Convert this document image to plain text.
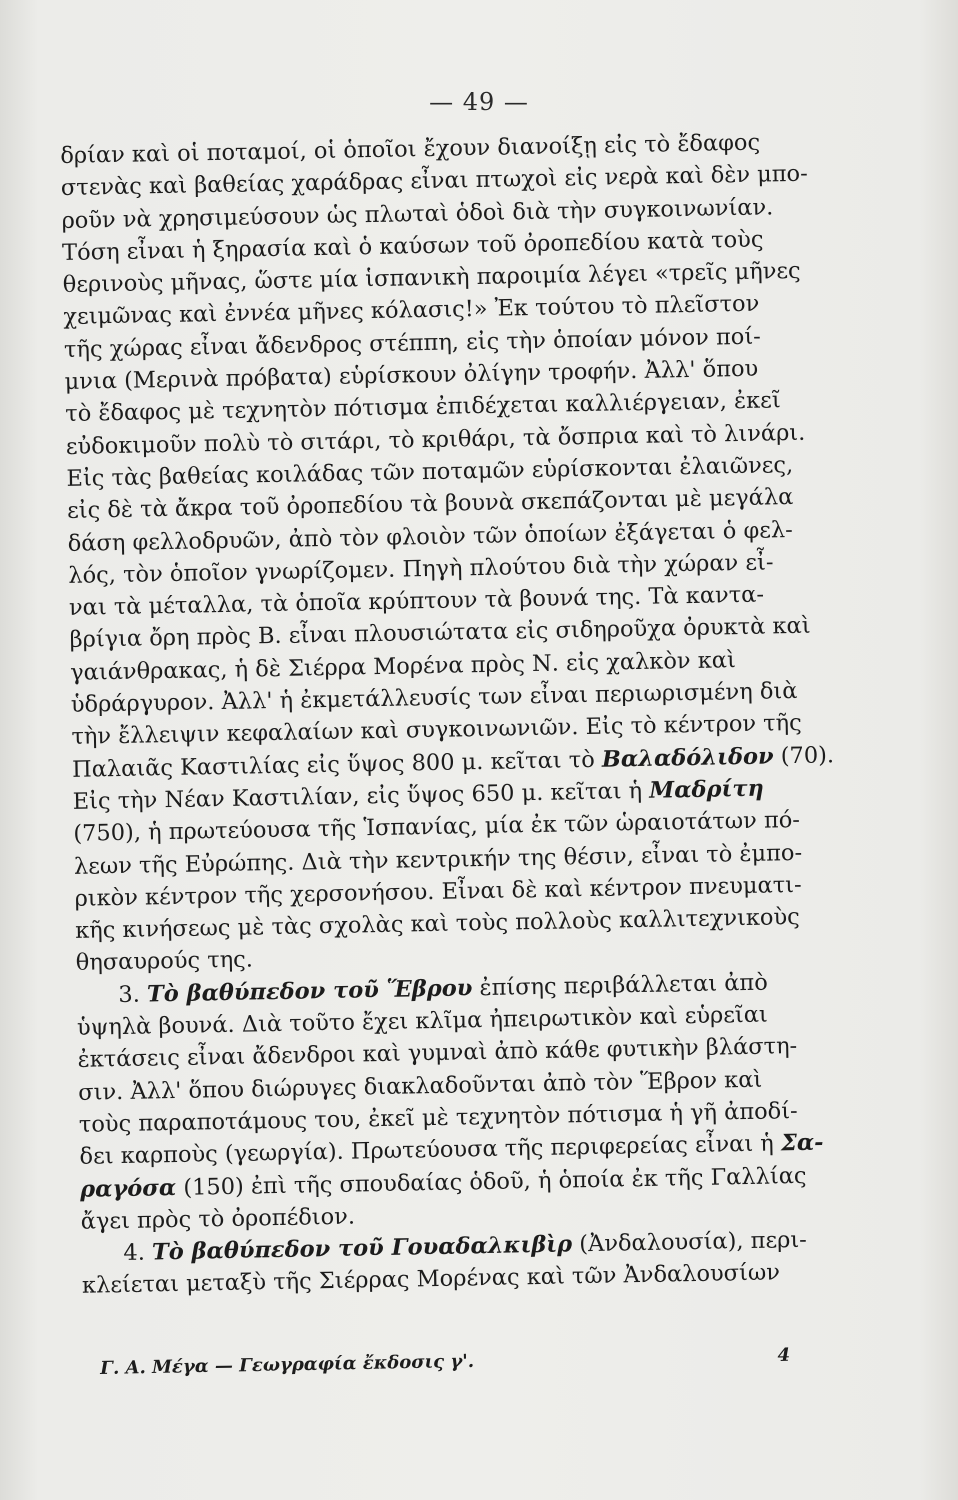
— 49 —
δρίαν καὶ οἱ ποταμοί, οἱ ὁποῖοι ἔχουν διανοίξῃ εἰς τὸ ἔδαφος
στενὰς καὶ βαθείας χαράδρας εἶναι πτωχοὶ εἰς νερὰ καὶ δὲν μπο-
ροῦν νὰ χρησιμεύσουν ὡς πλωταὶ ὁδοὶ διὰ τὴν συγκοινωνίαν.
Τόση εἶναι ἡ ξηρασία καὶ ὁ καύσων τοῦ ὀροπεδίου κατὰ τοὺς
θερινοὺς μῆνας, ὥστε μία ἱσπανικὴ παροιμία λέγει «τρεῖς μῆνες
χειμῶνας καὶ ἐννέα μῆνες κόλασις!» Ἐκ τούτου τὸ πλεῖστον
τῆς χώρας εἶναι ἄδενδρος στέππη, εἰς τὴν ὁποίαν μόνον ποί-
μνια (Μερινὰ πρόβατα) εὑρίσκουν ὀλίγην τροφήν. Ἀλλ' ὅπου
τὸ ἔδαφος μὲ τεχνητὸν πότισμα ἐπιδέχεται καλλιέργειαν, ἐκεῖ
εὐδοκιμοῦν πολὺ τὸ σιτάρι, τὸ κριθάρι, τὰ ὄσπρια καὶ τὸ λινάρι.
Εἰς τὰς βαθείας κοιλάδας τῶν ποταμῶν εὑρίσκονται ἐλαιῶνες,
εἰς δὲ τὰ ἄκρα τοῦ ὀροπεδίου τὰ βουνὰ σκεπάζονται μὲ μεγάλα
δάση φελλοδρυῶν, ἀπὸ τὸν φλοιὸν τῶν ὁποίων ἐξάγεται ὁ φελ-
λός, τὸν ὁποῖον γνωρίζομεν. Πηγὴ πλούτου διὰ τὴν χώραν εἶ-
ναι τὰ μέταλλα, τὰ ὁποῖα κρύπτουν τὰ βουνά της. Τὰ καντα-
βρίγια ὄρη πρὸς Β. εἶναι πλουσιώτατα εἰς σιδηροῦχα ὀρυκτὰ καὶ
γαιάνθρακας, ἡ δὲ Σιέρρα Μορένα πρὸς Ν. εἰς χαλκὸν καὶ
ὑδράργυρον. Ἀλλ' ἡ ἐκμετάλλευσίς των εἶναι περιωρισμένη διὰ
τὴν ἔλλειψιν κεφαλαίων καὶ συγκοινωνιῶν. Εἰς τὸ κέντρον τῆς
Παλαιᾶς Καστιλίας εἰς ὕψος 800 μ. κεῖται τὸ Βαλαδόλιδον (70).
Εἰς τὴν Νέαν Καστιλίαν, εἰς ὕψος 650 μ. κεῖται ἡ Μαδρίτη
(750), ἡ πρωτεύουσα τῆς Ἱσπανίας, μία ἐκ τῶν ὡραιοτάτων πό-
λεων τῆς Εὐρώπης. Διὰ τὴν κεντρικήν της θέσιν, εἶναι τὸ ἐμπο-
ρικὸν κέντρον τῆς χερσονήσου. Εἶναι δὲ καὶ κέντρον πνευματι-
κῆς κινήσεως μὲ τὰς σχολὰς καὶ τοὺς πολλοὺς καλλιτεχνικοὺς
θησαυρούς της.
3. Τὸ βαθύπεδον τοῦ Ἕβρου ἐπίσης περιβάλλεται ἀπὸ
ὑψηλὰ βουνά. Διὰ τοῦτο ἔχει κλῖμα ἠπειρωτικὸν καὶ εὑρεῖαι
ἐκτάσεις εἶναι ἄδενδροι καὶ γυμναὶ ἀπὸ κάθε φυτικὴν βλάστη-
σιν. Ἀλλ' ὅπου διώρυγες διακλαδοῦνται ἀπὸ τὸν Ἕβρον καὶ
τοὺς παραποτάμους του, ἐκεῖ μὲ τεχνητὸν πότισμα ἡ γῆ ἀποδί-
δει καρποὺς (γεωργία). Πρωτεύουσα τῆς περιφερείας εἶναι ἡ Σα-
ραγόσα (150) ἐπὶ τῆς σπουδαίας ὁδοῦ, ἡ ὁποία ἐκ τῆς Γαλλίας
ἄγει πρὸς τὸ ὀροπέδιον.
4. Τὸ βαθύπεδον τοῦ Γουαδαλκιβὶρ (Ἀνδαλουσία), περι-
κλείεται μεταξὺ τῆς Σιέρρας Μορένας καὶ τῶν Ἀνδαλουσίων
Γ. Α. Μέγα — Γεωγραφία ἔκδοσις γ'.	4
